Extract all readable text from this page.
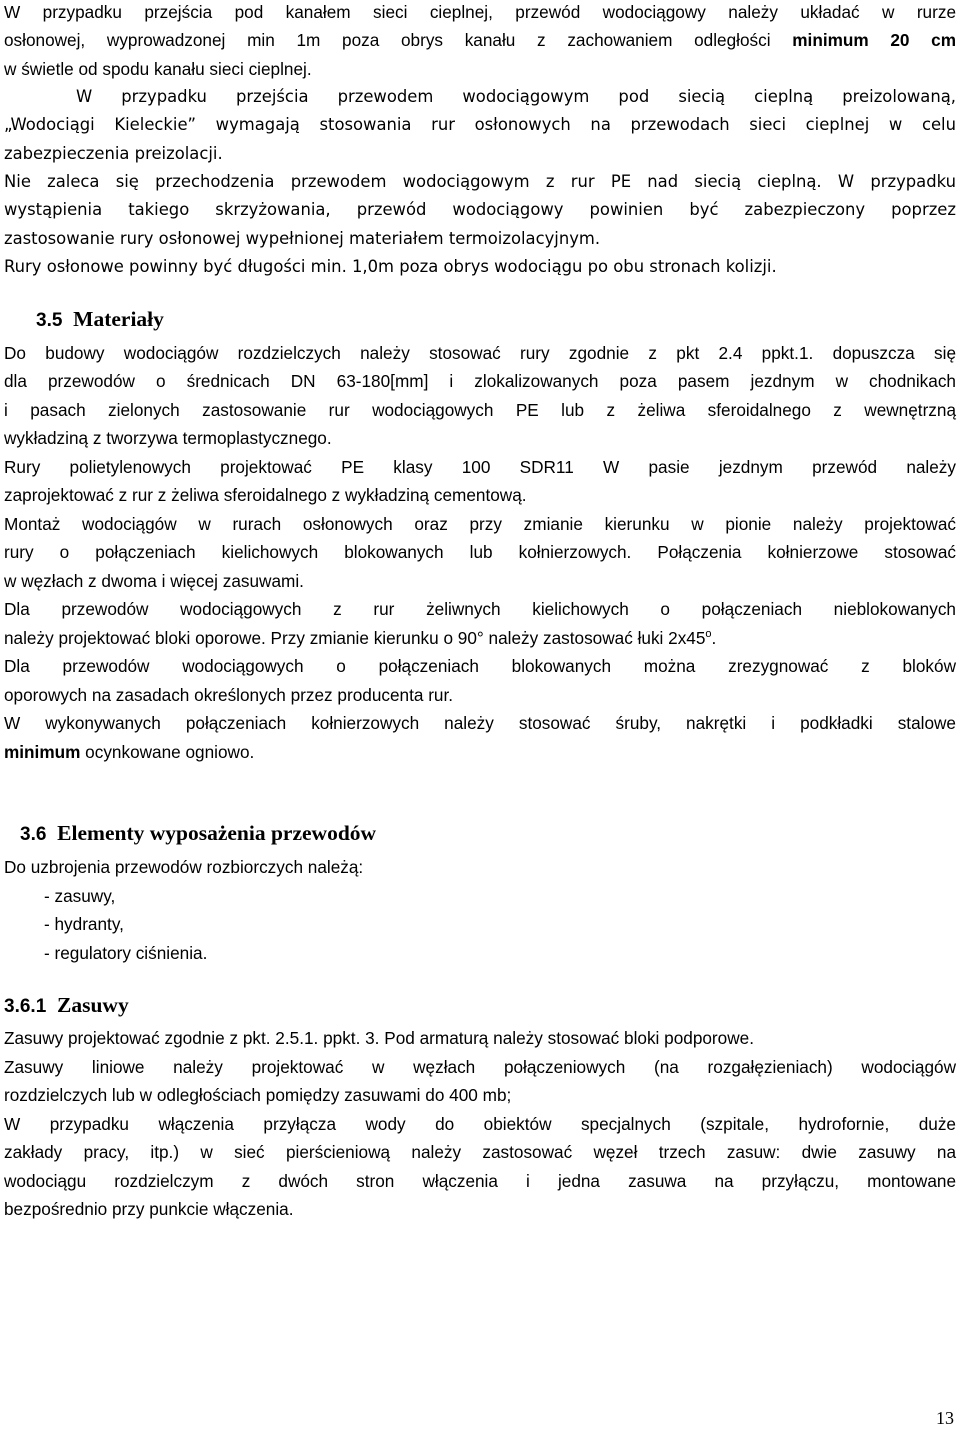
W przypadku przejścia pod kanałem sieci cieplnej, przewód wodociągowy należy układać w rurze

osłonowej, wyprowadzonej min 1m poza obrys kanału z zachowaniem odległości minimum 20 cm

w świetle od spodu kanału sieci cieplnej.

W przypadku przejścia przewodem wodociągowym pod siecią cieplną preizolowaną,

„Wodociągi Kieleckie” wymagają stosowania rur osłonowych na przewodach sieci cieplnej w celu

zabezpieczenia preizolacji.

Nie zaleca się przechodzenia przewodem wodociągowym z rur PE nad siecią cieplną. W przypadku

wystąpienia takiego skrzyżowania, przewód wodociągowy powinien być zabezpieczony poprzez

zastosowanie rury osłonowej wypełnionej materiałem termoizolacyjnym.

Rury osłonowe powinny być długości min. 1,0m poza obrys wodociągu po obu stronach kolizji.

3.5 Materiały

Do budowy wodociągów rozdzielczych należy stosować rury zgodnie z pkt 2.4 ppkt.1. dopuszcza się

dla przewodów o średnicach DN 63-180[mm] i zlokalizowanych poza pasem jezdnym w chodnikach

i pasach zielonych zastosowanie rur wodociągowych PE lub z żeliwa sferoidalnego z wewnętrzną

wykładziną z tworzywa termoplastycznego.

Rury polietylenowych projektować PE klasy 100 SDR11 W pasie jezdnym przewód należy

zaprojektować z rur z żeliwa sferoidalnego z wykładziną cementową.

Montaż wodociągów w rurach osłonowych oraz przy zmianie kierunku w pionie należy projektować

rury o połączeniach kielichowych blokowanych lub kołnierzowych. Połączenia kołnierzowe stosować

w węzłach z dwoma i więcej zasuwami.

Dla przewodów wodociągowych z rur żeliwnych kielichowych o połączeniach nieblokowanych

należy projektować bloki oporowe. Przy zmianie kierunku o 90° należy zastosować łuki 2x45$^o$.

Dla przewodów wodociągowych o połączeniach blokowanych można zrezygnować z bloków

oporowych na zasadach określonych przez producenta rur.

W wykonywanych połączeniach kołnierzowych należy stosować śruby, nakrętki i podkładki stalowe

minimum ocynkowane ogniowo.

3.6 Elementy wyposażenia przewodów

Do uzbrojenia przewodów rozbiorczych należą:

- zasuwy,

- hydranty,

- regulatory ciśnienia.

3.6.1 Zasuwy

Zasuwy projektować zgodnie z pkt. 2.5.1. ppkt. 3. Pod armaturą należy stosować bloki podporowe.

Zasuwy liniowe należy projektować w węzłach połączeniowych (na rozgałęzieniach) wodociągów

rozdzielczych lub w odległościach pomiędzy zasuwami do 400 mb;

W przypadku włączenia przyłącza wody do obiektów specjalnych (szpitale, hydrofornie, duże

zakłady pracy, itp.) w sieć pierścieniową należy zastosować węzeł trzech zasuw: dwie zasuwy na

wodociągu rozdzielczym z dwóch stron włączenia i jedna zasuwa na przyłączu, montowane

bezpośrednio przy punkcie włączenia.

13
